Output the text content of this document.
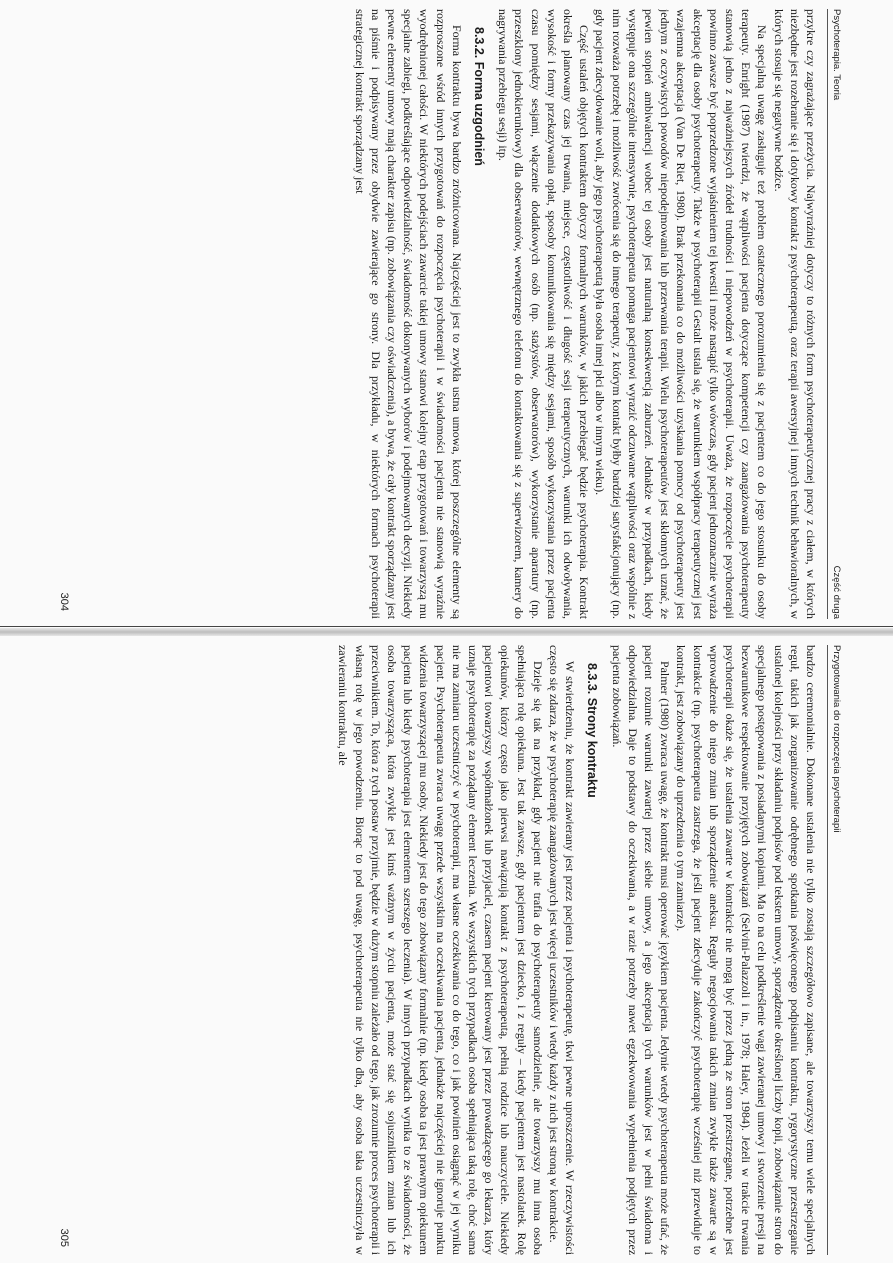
Psychoterapia. Teoria
Część druga

przykre czy zagrażające przeżycia. Najwyraźniej dotyczy to różnych form psychoterapeutycznej pracy z ciałem, w których niezbędne jest rozebranie się i dotykowy kontakt z psychoterapeutą, oraz terapii awersyjnej i innych technik behawioralnych, w których stosuje się negatywne bodźce.

Na specjalną uwagę zasługuje też problem ostatecznego porozumienia się z pacjentem co do jego stosunku do osoby terapeuty. Enright (1987) twierdzi, że wątpliwości pacjenta dotyczące kompetencji czy zaangażowania psychoterapeuty stanowią jedno z najważniejszych źródeł trudności i niepowodzeń w psychoterapii. Uważa, że rozpoczęcie psychoterapii powinno zawsze być poprzedzone wyjaśnieniem tej kwestii i może nastąpić tylko wówczas, gdy pacjent jednoznacznie wyraża akceptację dla osoby psychoterapeuty. Także w psychoterapii Gestalt ustala się, że warunkiem współpracy terapeutycznej jest wzajemna akceptacja (Van De Riet, 1980). Brak przekonania co do możliwości uzyskania pomocy od psychoterapeuty jest jednym z oczywistych powodów niepodejmowania lub przerwania terapii. Wielu psychoterapeutów jest skłonnych uznać, że pewien stopień ambiwalencji wobec tej osoby jest naturalną konsekwencją zaburzeń. Jednakże w przypadkach, kiedy występuje ona szczególnie intensywnie, psychoterapeuta pomaga pacjentowi wyrazić odczuwane wątpliwości oraz wspólnie z nim rozważa potrzebę i możliwość zwrócenia się do innego terapeuty, z którym kontakt byłby bardziej satysfakcjonujący (np. gdy pacjent zdecydowanie woli, aby jego psychoterapeutą była osoba innej płci albo w innym wieku).

Część ustaleń objętych kontraktem dotyczy formalnych warunków, w jakich przebiegać będzie psychoterapia. Kontrakt określa planowany czas jej trwania, miejsce, częstotliwość i długość sesji terapeutycznych, warunki ich odwoływania, wysokość i formy przekazywania opłat, sposoby komunikowania się między sesjami, sposób wykorzystania przez pacjenta czasu pomiędzy sesjami, włączenie dodatkowych osób (np. stażystów, obserwatorów), wykorzystanie aparatury (np. przeszklony jednokierunkowy) dla obserwatorów, wewnętrznego telefonu do kontaktowania się z superwizorem, kamery do nagrywania przebiegu sesji) itp.

8.3.2. Forma uzgodnień

Forma kontraktu bywa bardzo zróżnicowana. Najczęściej jest to zwykła ustna umowa, której poszczególne elementy są rozproszone wśród innych przygotowań do rozpoczęcia psychoterapii i w świadomości pacjenta nie stanowią wyraźnie wyodrębnionej całości. W niektórych podejściach zawarcie takiej umowy stanowi kolejny etap przygotowań i towarzyszą mu specjalne zabiegi, podkreślające odpowiedzialność, świadomość dokonywanych wyborów i podejmowanych decyzji. Niekiedy pewne elementy umowy mają charakter zapisu (np. zobowiązania czy oświadczenia), a bywa, że cały kontrakt sporządzany jest na piśmie i podpisywany przez obydwie zawierające go strony. Dla przykładu, w niektórych formach psychoterapii strategicznej kontrakt sporządzany jest

304
Przygotowania do rozpoczęcia psychoterapii

bardzo ceremonialnie. Dokonane ustalenia nie tylko zostają szczegółowo zapisane, ale towarzyszy temu wiele specjalnych reguł, takich jak zorganizowanie odrębnego spotkania poświęconego podpisaniu kontraktu, rygorystyczne przestrzeganie ustalonej kolejności przy składaniu podpisów pod tekstem umowy, sporządzenie określonej liczby kopii, zobowiązanie stron do specjalnego postępowania z posiadanymi kopiami. Ma to na celu podkreślenie wagi zawieranej umowy i stworzenie presji na bezwarunkowe respektowanie przyjętych zobowiązań (Selvini-Palazzoli i in., 1978; Haley, 1984). Jeżeli w trakcie trwania psychoterapii okaże się, że ustalenia zawarte w kontrakcie nie mogą być przez jedną ze stron przestrzegane, potrzebne jest wprowadzenie do niego zmian lub sporządzenie aneksu. Reguły negocjowania takich zmian zwykle także zawarte są w kontrakcie (np. psychoterapeuta zastrzega, że jeśli pacjent zdecyduje zakończyć psychoterapię wcześniej niż przewiduje to kontrakt, jest zobowiązany do uprzedzenia o tym zamiarze).

Palmer (1980) zwraca uwagę, że kontrakt musi operować językiem pacjenta. Jedynie wtedy psychoterapeuta może ufać, że pacjent rozumie warunki zawartej przez siebie umowy, a jego akceptacja tych warunków jest w pełni świadoma i odpowiedzialna. Daje to podstawy do oczekiwania, a w razie potrzeby nawet egzekwowania wypełnienia podjętych przez pacjenta zobowiązań.

8.3.3. Strony kontraktu

W stwierdzeniu, że kontrakt zawierany jest przez pacjenta i psychoterapeutę, tkwi pewne uproszczenie. W rzeczywistości często się zdarza, że w psychoterapię zaangażowanych jest więcej uczestników i wtedy każdy z nich jest stroną w kontrakcie.

Dzieje się tak na przykład, gdy pacjent nie trafia do psychoterapeuty samodzielnie, ale towarzyszy mu inna osoba spełniająca rolę opiekuna. Jest tak zawsze, gdy pacjentem jest dziecko, i z reguły – kiedy pacjentem jest nastolatek. Rolę opiekunów, którzy często jako pierwsi nawiązują kontakt z psychoterapeutą, pełnią rodzice lub nauczyciele. Niekiedy pacjentowi towarzyszy współmałżonek lub przyjaciel, czasem pacjent kierowany jest przez prowadzącego go lekarza, który uznaje psychoterapię za pożądany element leczenia. We wszystkich tych przypadkach osoba spełniająca taką rolę, choć sama nie ma zamiaru uczestniczyć w psychoterapii, ma własne oczekiwania co do tego, co i jak powinien osiągnąć w jej wyniku pacjent. Psychoterapeuta zwraca uwagę przede wszystkim na oczekiwania pacjenta, jednakże najczęściej nie ignoruje punktu widzenia towarzyszącej mu osoby. Niekiedy jest do tego zobowiązany formalnie (np. kiedy osoba ta jest prawnym opiekunem pacjenta lub kiedy psychoterapia jest elementem szerszego leczenia). W innych przypadkach wynika to ze świadomości, że osoba towarzysząca, która zwykle jest kimś ważnym w życiu pacjenta, może stać się sojusznikiem zmian lub ich przeciwnikiem. To, która z tych postaw przyjmie, będzie w dużym stopniu zależało od tego, jak zrozumie proces psychoterapii i własną rolę w jego powodzeniu. Biorąc to pod uwagę, psychoterapeuta nie tylko dba, aby osoba taka uczestniczyła w zawieraniu kontraktu, ale

305
